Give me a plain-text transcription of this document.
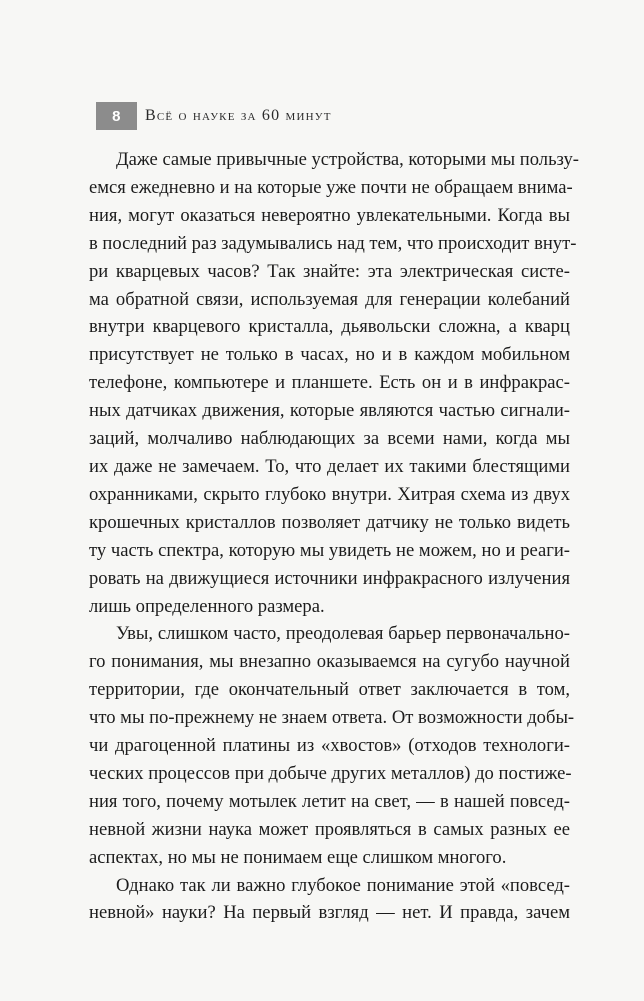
8	Всё о науке за 60 минут

Даже самые привычные устройства, которыми мы пользу-
емся ежедневно и на которые уже почти не обращаем внима-
ния, могут оказаться невероятно увлекательными. Когда вы
в последний раз задумывались над тем, что происходит внут-
ри кварцевых часов? Так знайте: эта электрическая систе-
ма обратной связи, используемая для генерации колебаний
внутри кварцевого кристалла, дьявольски сложна, а кварц
присутствует не только в часах, но и в каждом мобильном
телефоне, компьютере и планшете. Есть он и в инфракрас-
ных датчиках движения, которые являются частью сигнали-
заций, молчаливо наблюдающих за всеми нами, когда мы
их даже не замечаем. То, что делает их такими блестящими
охранниками, скрыто глубоко внутри. Хитрая схема из двух
крошечных кристаллов позволяет датчику не только видеть
ту часть спектра, которую мы увидеть не можем, но и реаги-
ровать на движущиеся источники инфракрасного излучения
лишь определенного размера.

Увы, слишком часто, преодолевая барьер первоначально-
го понимания, мы внезапно оказываемся на сугубо научной
территории, где окончательный ответ заключается в том,
что мы по-прежнему не знаем ответа. От возможности добы-
чи драгоценной платины из «хвостов» (отходов технологи-
ческих процессов при добыче других металлов) до постиже-
ния того, почему мотылек летит на свет, — в нашей повсед-
невной жизни наука может проявляться в самых разных ее
аспектах, но мы не понимаем еще слишком многого.

Однако так ли важно глубокое понимание этой «повсед-
невной» науки? На первый взгляд — нет. И правда, зачем
